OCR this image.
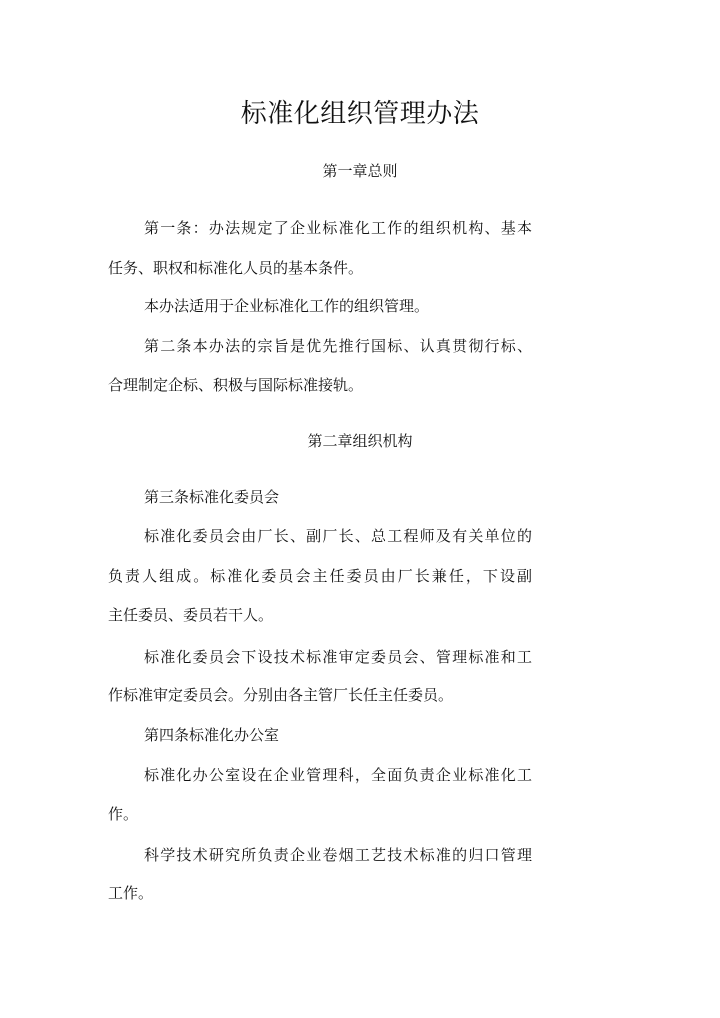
标准化组织管理办法
第一章总则
第一条：办法规定了企业标准化工作的组织机构、基本
任务、职权和标准化人员的基本条件。
本办法适用于企业标准化工作的组织管理。
第二条本办法的宗旨是优先推行国标、认真贯彻行标、
合理制定企标、积极与国际标准接轨。
第二章组织机构
第三条标准化委员会
标准化委员会由厂长、副厂长、总工程师及有关单位的
负责人组成。标准化委员会主任委员由厂长兼任，下设副
主任委员、委员若干人。
标准化委员会下设技术标准审定委员会、管理标准和工
作标准审定委员会。分别由各主管厂长任主任委员。
第四条标准化办公室
标准化办公室设在企业管理科，全面负责企业标准化工
作。
科学技术研究所负责企业卷烟工艺技术标准的归口管理
工作。
